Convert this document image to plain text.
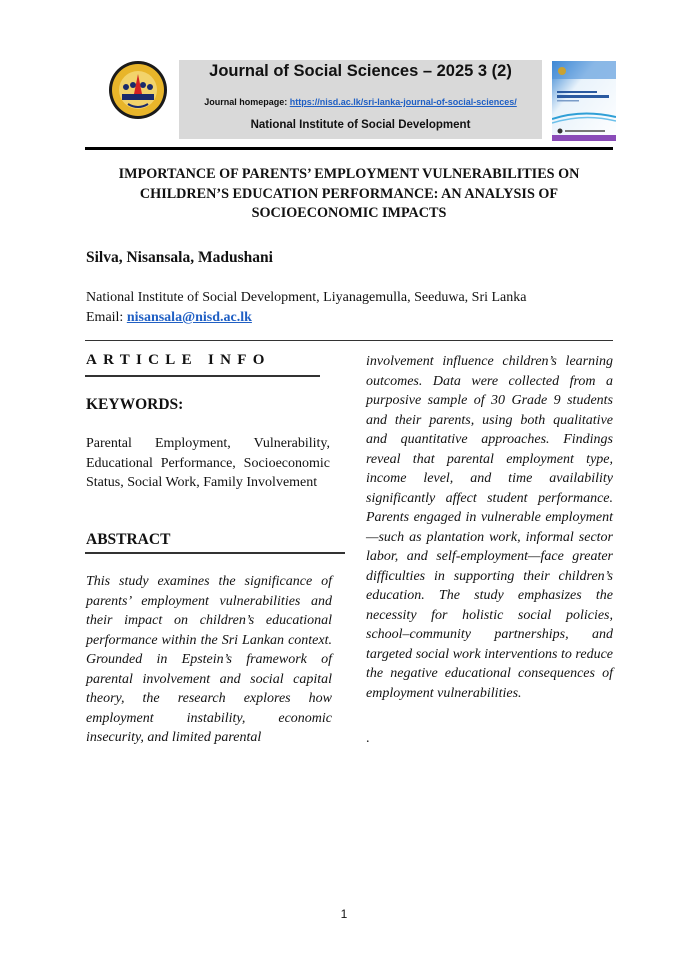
Journal of Social Sciences – 2025 3 (2)
Journal homepage: https://nisd.ac.lk/sri-lanka-journal-of-social-sciences/
National Institute of Social Development
IMPORTANCE OF PARENTS’ EMPLOYMENT VULNERABILITIES ON
CHILDREN’S EDUCATION PERFORMANCE: AN ANALYSIS OF
SOCIOECONOMIC IMPACTS
Silva, Nisansala, Madushani
National Institute of Social Development, Liyanagemulla, Seeduwa, Sri Lanka
Email: nisansala@nisd.ac.lk
ARTICLE INFO
KEYWORDS:
Parental Employment, Vulnerability, Educational Performance, Socioeconomic Status, Social Work, Family Involvement
ABSTRACT
This study examines the significance of parents’ employment vulnerabilities and their impact on children’s educational performance within the Sri Lankan context. Grounded in Epstein’s framework of parental involvement and social capital theory, the research explores how employment instability, economic insecurity, and limited parental
involvement influence children’s learning outcomes. Data were collected from a purposive sample of 30 Grade 9 students and their parents, using both qualitative and quantitative approaches. Findings reveal that parental employment type, income level, and time availability significantly affect student performance. Parents engaged in vulnerable employment—such as plantation work, informal sector labor, and self-employment—face greater difficulties in supporting their children’s education. The study emphasizes the necessity for holistic social policies, school–community partnerships, and targeted social work interventions to reduce the negative educational consequences of employment vulnerabilities.
.
1
